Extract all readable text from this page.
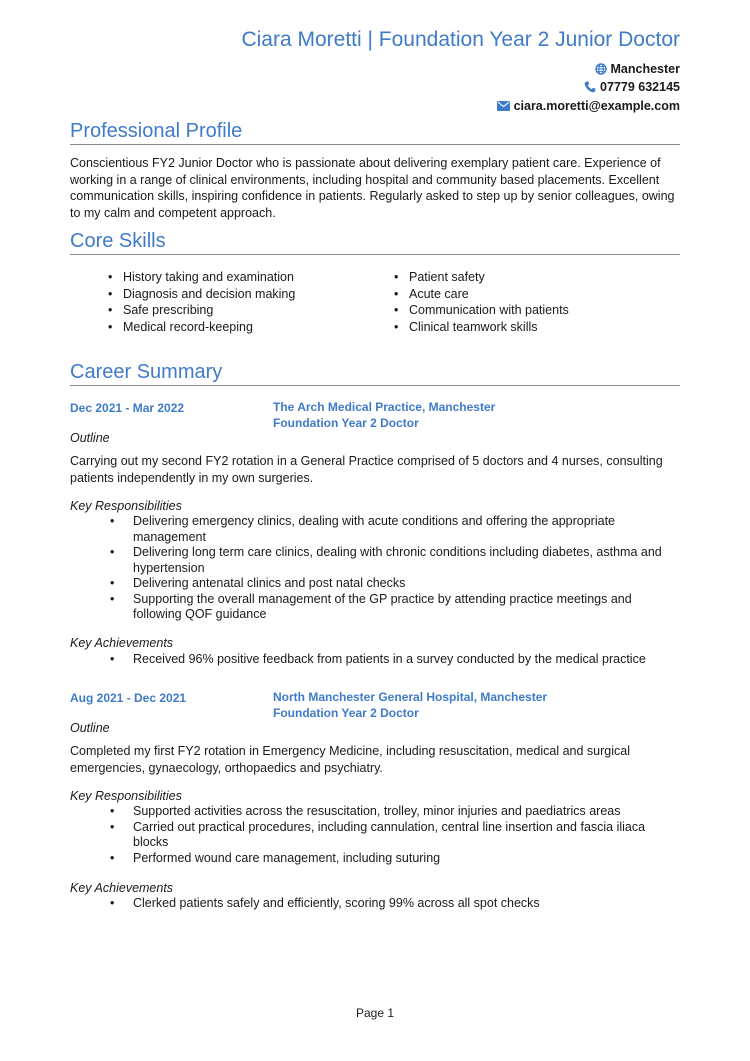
Ciara Moretti | Foundation Year 2 Junior Doctor
Manchester
07779 632145
ciara.moretti@example.com
Professional Profile
Conscientious FY2 Junior Doctor who is passionate about delivering exemplary patient care. Experience of working in a range of clinical environments, including hospital and community based placements. Excellent communication skills, inspiring confidence in patients. Regularly asked to step up by senior colleagues, owing to my calm and competent approach.
Core Skills
• History taking and examination
• Diagnosis and decision making
• Safe prescribing
• Medical record-keeping
• Patient safety
• Acute care
• Communication with patients
• Clinical teamwork skills
Career Summary
Dec 2021 - Mar 2022	The Arch Medical Practice, Manchester
Foundation Year 2 Doctor
Outline
Carrying out my second FY2 rotation in a General Practice comprised of 5 doctors and 4 nurses, consulting patients independently in my own surgeries.
Key Responsibilities
• Delivering emergency clinics, dealing with acute conditions and offering the appropriate management
• Delivering long term care clinics, dealing with chronic conditions including diabetes, asthma and hypertension
• Delivering antenatal clinics and post natal checks
• Supporting the overall management of the GP practice by attending practice meetings and following QOF guidance
Key Achievements
• Received 96% positive feedback from patients in a survey conducted by the medical practice
Aug 2021 - Dec 2021	North Manchester General Hospital, Manchester
Foundation Year 2 Doctor
Outline
Completed my first FY2 rotation in Emergency Medicine, including resuscitation, medical and surgical emergencies, gynaecology, orthopaedics and psychiatry.
Key Responsibilities
• Supported activities across the resuscitation, trolley, minor injuries and paediatrics areas
• Carried out practical procedures, including cannulation, central line insertion and fascia iliaca blocks
• Performed wound care management, including suturing
Key Achievements
• Clerked patients safely and efficiently, scoring 99% across all spot checks
Page 1
